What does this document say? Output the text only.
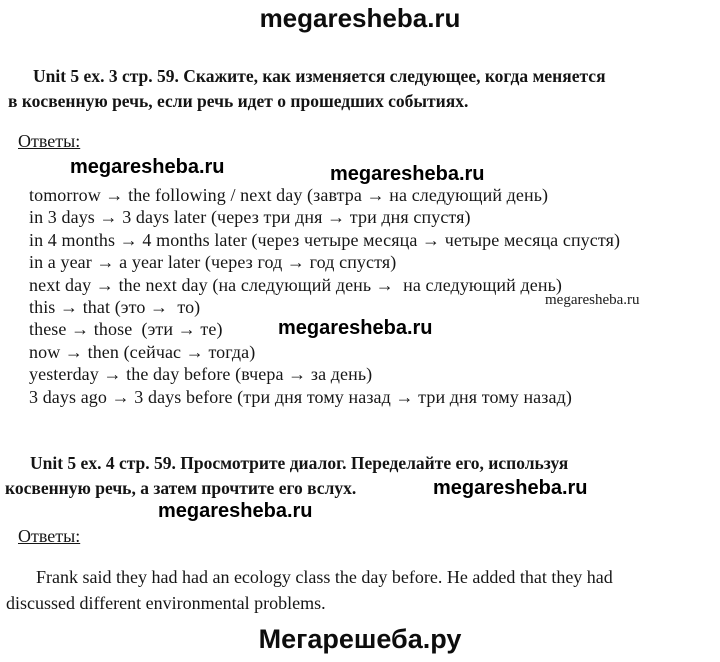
megaresheba.ru
Unit 5 ex. 3 стр. 59. Скажите, как изменяется следующее, когда меняется
в косвенную речь, если речь идет о прошедших событиях.
Ответы:
megaresheba.ru	megaresheba.ru
tomorrow → the following / next day (завтра → на следующий день)
in 3 days → 3 days later (через три дня → три дня спустя)
in 4 months → 4 months later (через четыре месяца → четыре месяца спустя)
in a year → a year later (через год → год спустя)
next day → the next day (на следующий день →  на следующий день)
this → that (это →  то)
these → those  (эти → те)
now → then (сейчас → тогда)
yesterday → the day before (вчера → за день)
3 days ago → 3 days before (три дня тому назад → три дня тому назад)
megaresheba.ru
megaresheba.ru
Unit 5 ex. 4 стр. 59. Просмотрите диалог. Переделайте его, используя
косвенную речь, а затем прочтите его вслух.	megaresheba.ru
megaresheba.ru
Ответы:
Frank said they had had an ecology class the day before. He added that they had
discussed different environmental problems.
Мегарешеба.ру
